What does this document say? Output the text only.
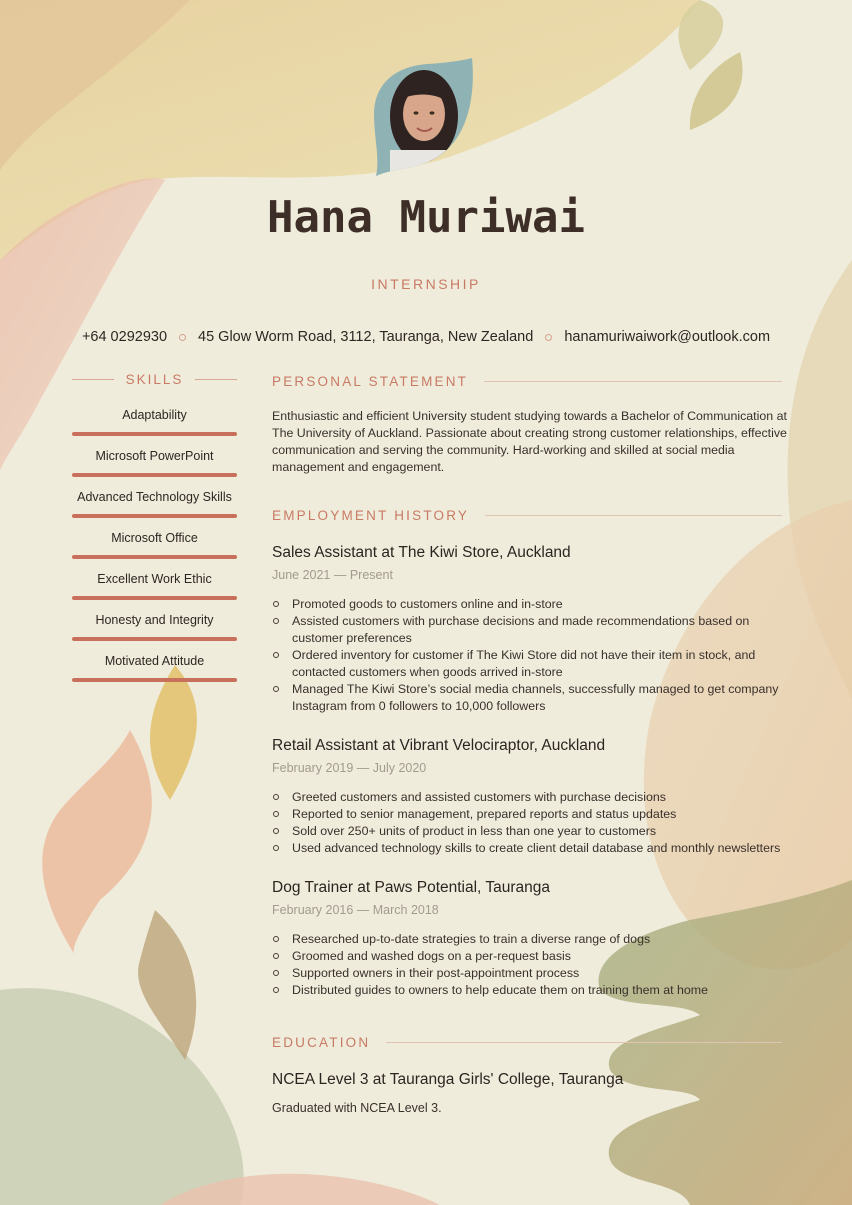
Hana Muriwai
INTERNSHIP
+64 0292930 45 Glow Worm Road, 3112, Tauranga, New Zealand hanamuriwaiwork@outlook.com
SKILLS
Adaptability
Microsoft PowerPoint
Advanced Technology Skills
Microsoft Office
Excellent Work Ethic
Honesty and Integrity
Motivated Attitude
PERSONAL STATEMENT
Enthusiastic and efficient University student studying towards a Bachelor of Communication at The University of Auckland. Passionate about creating strong customer relationships, effective communication and serving the community. Hard-working and skilled at social media management and engagement.
EMPLOYMENT HISTORY
Sales Assistant at The Kiwi Store, Auckland
June 2021 — Present
Promoted goods to customers online and in-store
Assisted customers with purchase decisions and made recommendations based on customer preferences
Ordered inventory for customer if The Kiwi Store did not have their item in stock, and contacted customers when goods arrived in-store
Managed The Kiwi Store’s social media channels, successfully managed to get company Instagram from 0 followers to 10,000 followers
Retail Assistant at Vibrant Velociraptor, Auckland
February 2019 — July 2020
Greeted customers and assisted customers with purchase decisions
Reported to senior management, prepared reports and status updates
Sold over 250+ units of product in less than one year to customers
Used advanced technology skills to create client detail database and monthly newsletters
Dog Trainer at Paws Potential, Tauranga
February 2016 — March 2018
Researched up-to-date strategies to train a diverse range of dogs
Groomed and washed dogs on a per-request basis
Supported owners in their post-appointment process
Distributed guides to owners to help educate them on training them at home
EDUCATION
NCEA Level 3 at Tauranga Girls' College, Tauranga
Graduated with NCEA Level 3.
